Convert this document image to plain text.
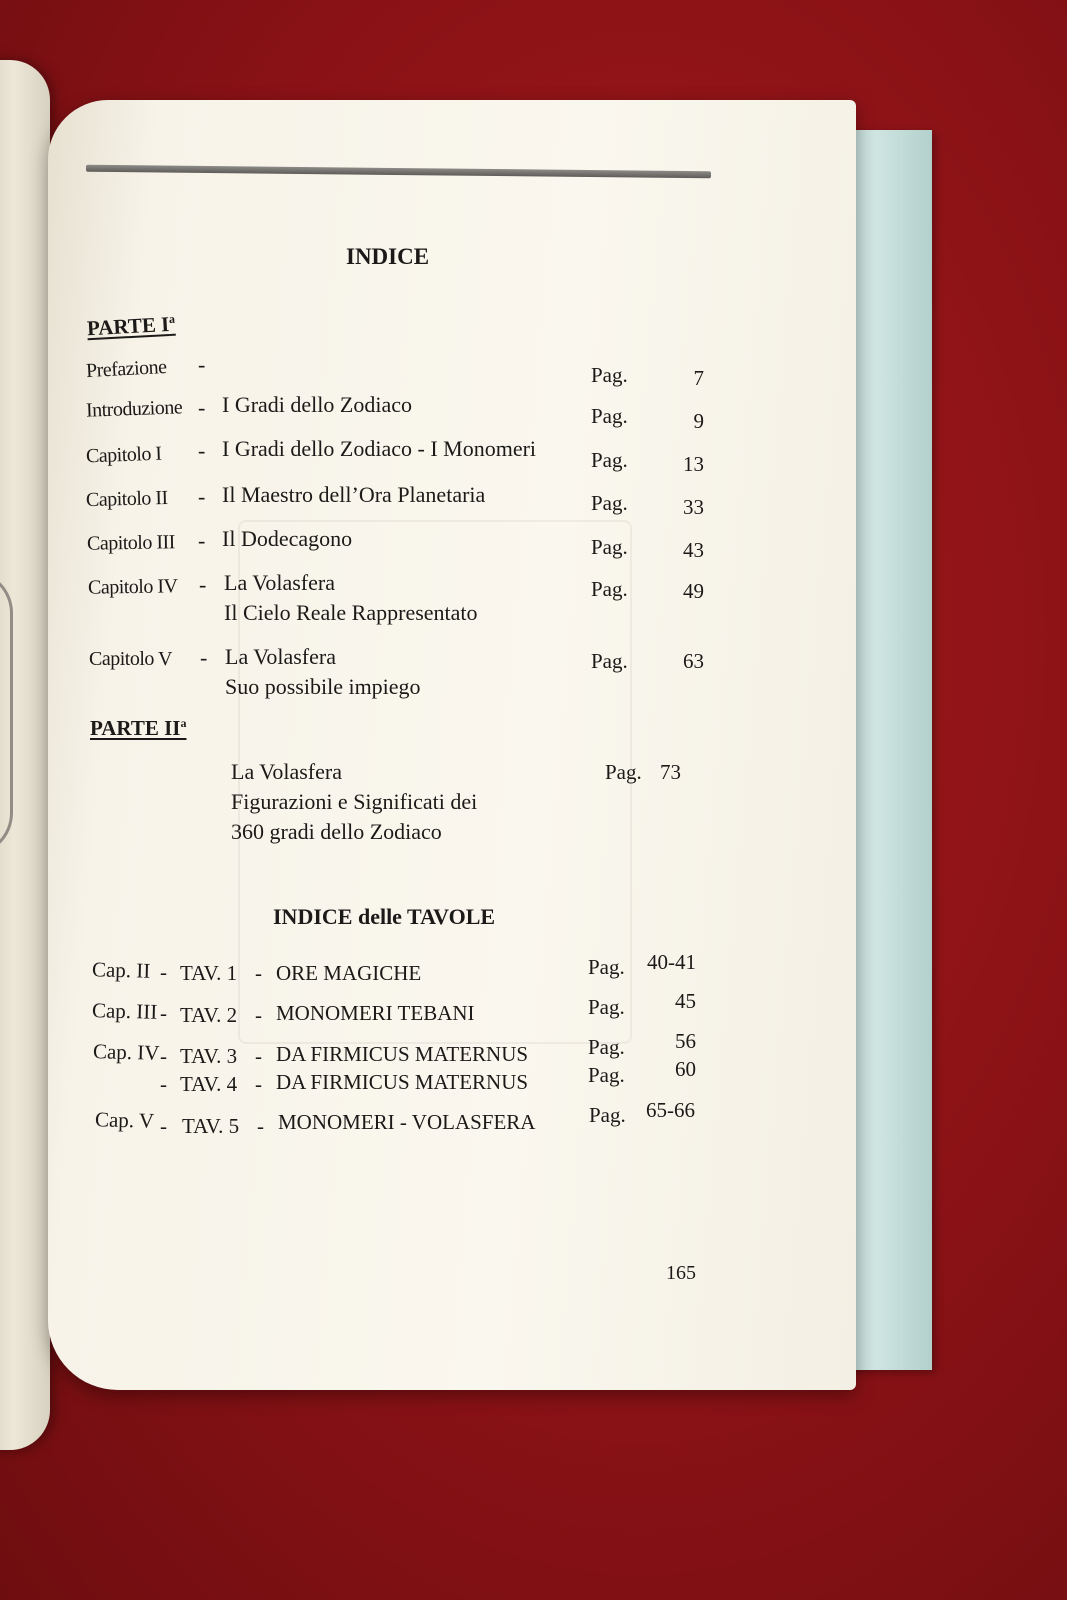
INDICE
PARTE $I^a$
Prefazione -	Pag.	7
Introduzione - I Gradi dello Zodiaco	Pag.	9
Capitolo I - I Gradi dello Zodiaco - I Monomeri	Pag.	13
Capitolo II - Il Maestro dell’Ora Planetaria	Pag.	33
Capitolo III - Il Dodecagono	Pag.	43
Capitolo IV - La Volasfera
Il Cielo Reale Rappresentato
Pag.	49
Capitolo V - La Volasfera
Suo possibile impiego
Pag.	63
PARTE $II^a$
La Volasfera
Figurazioni e Significati dei
360 gradi dello Zodiaco
Pag. 73
INDICE delle TAVOLE
Cap. II - TAV. 1 - ORE MAGICHE	Pag. 40-41
Cap. III - TAV. 2 - MONOMERI TEBANI	Pag. 45
Cap. IV - TAV. 3 - DA FIRMICUS MATERNUS	Pag. 56
- TAV. 4 - DA FIRMICUS MATERNUS	Pag. 60
Cap. V - TAV. 5 - MONOMERI - VOLASFERA	Pag. 65-66
165
